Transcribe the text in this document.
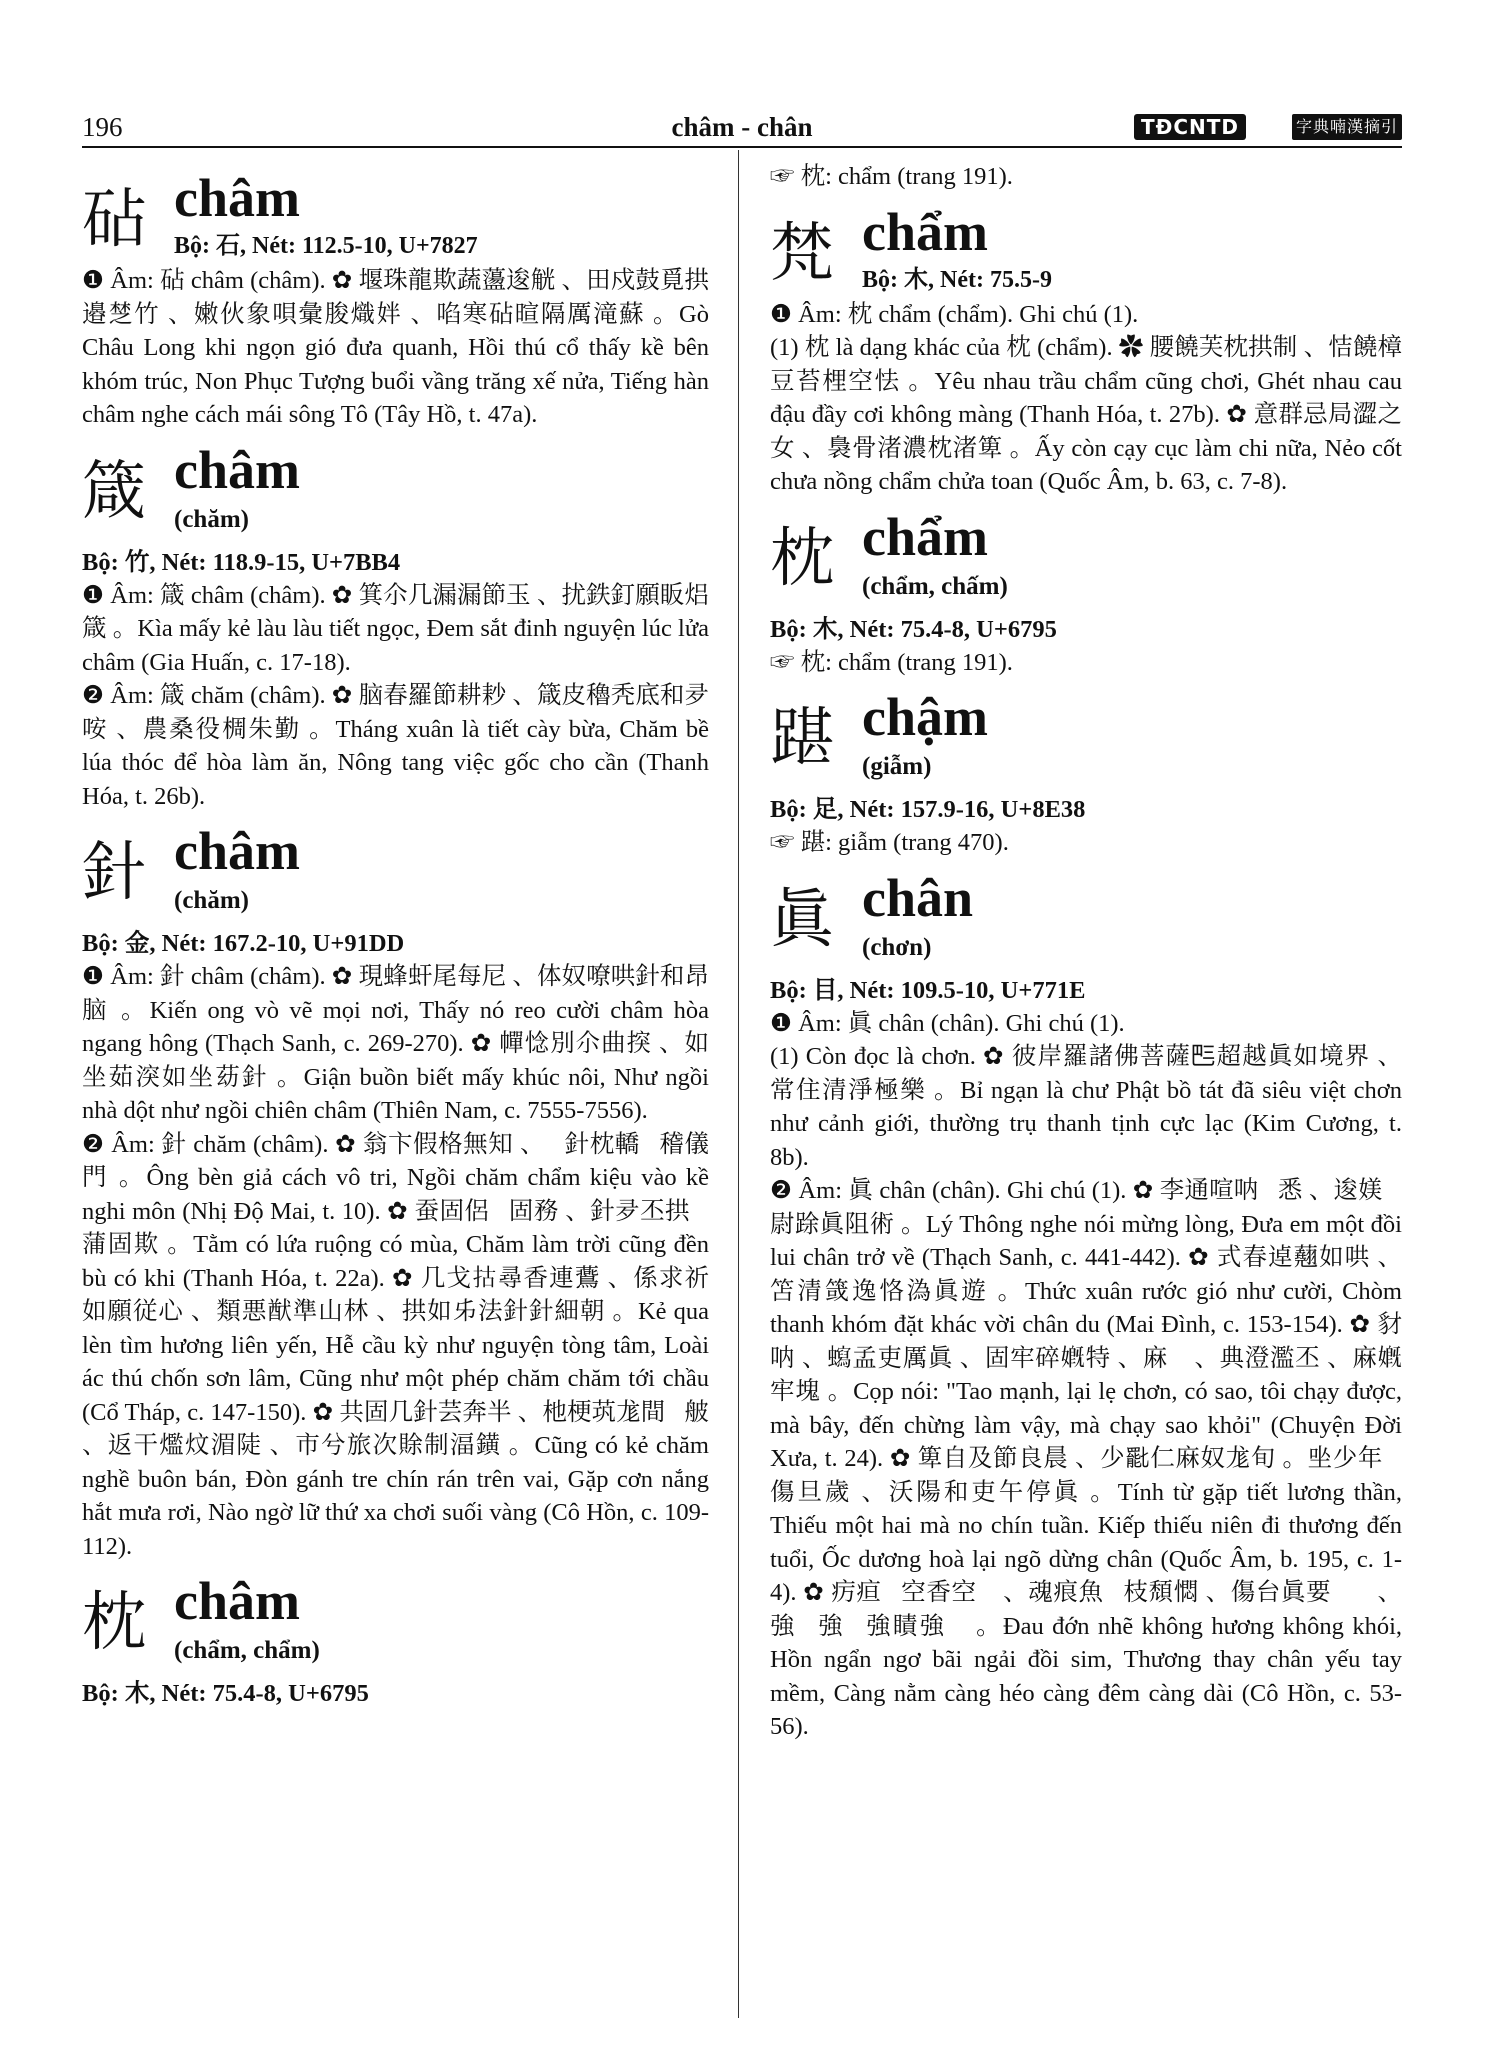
196	châm - chân	TĐCNTD	字典喃漢摘引
砧 châm
Bộ: 石, Nét: 112.5-10, U+7827

❶ Âm: 砧 châm (châm). ✿ 堰珠龍欺蔬蘯逡觥 、田戍鼓覓拱邉椘竹 、嫩伙象唄彙朘熾姅 、啗寒砧暄隔厲滝蘇 。Gò Châu Long khi ngọn gió đưa quanh, Hồi thú cổ thấy kề bên khóm trúc, Non Phục Tượng buổi vầng trăng xế nửa, Tiếng hàn châm nghe cách mái sông Tô (Tây Hồ, t. 47a).

箴 châm
(chăm)

Bộ: 竹, Nét: 118.9-15, U+7BB4

❶ Âm: 箴 châm (châm). ✿ 箕尒几漏漏節玉 、扰鉄釘願眅焒箴 。Kìa mấy kẻ làu làu tiết ngọc, Đem sắt đinh nguyện lúc lửa châm (Gia Huấn, c. 17-18).

❷ Âm: 箴 chăm (châm). ✿ 脑春羅節耕耖 、箴皮穭秃底和夛咹 、農桑役椆朱勤 。Tháng xuân là tiết cày bừa, Chăm bề lúa thóc để hòa làm ăn, Nông tang việc gốc cho cần (Thanh Hóa, t. 26b).

針 châm
(chăm)

Bộ: 金, Nét: 167.2-10, U+91DD

❶ Âm: 針 châm (châm). ✿ 現蜂虷尾每尼 、体奴嘹哄針和昂脑 。Kiến ong vò vẽ mọi nơi, Thấy nó reo cười châm hòa ngang hông (Thạch Sanh, c. 269-270). ✿ 幝惗別尒曲揬 、如坐茹湥如坐苭針 。Giận buồn biết mấy khúc nôi, Như ngồi nhà dột như ngồi chiên châm (Thiên Nam, c. 7555-7556).

❷ Âm: 針 chăm (châm). ✿ 翁卞假格無知 、𡎝針枕轎𢙇稽儀門 。Ông bèn giả cách vô tri, Ngồi chăm chẩm kiệu vào kề nghi môn (Nhị Độ Mai, t. 10). ✿ 蚕固侶𠃣固務 、針夛丕拱𡐙蒲固欺 。Tằm có lứa ruộng có mùa, Chăm làm trời cũng đền bù có khi (Thanh Hóa, t. 22a). ✿ 几戈𢫈尋香連鷰 、係求祈如願従心 、類悪猷準山林 、拱如𠂔法針針細朝 。Kẻ qua lèn tìm hương liên yến, Hễ cầu kỳ như nguyện tòng tâm, Loài ác thú chốn sơn lâm, Cũng như một phép chăm chăm tới chầu (Cổ Tháp, c. 147-150). ✿ 共固几針芸奔半 、杝梗茿尨間𨔍𦨭 、返干爁炆湄陡 、市兮旅次賖制湢鐄 。Cũng có kẻ chăm nghề buôn bán, Đòn gánh tre chín rán trên vai, Gặp cơn nắng hắt mưa rơi, Nào ngờ lữ thứ xa chơi suối vàng (Cô Hồn, c. 109-112).

枕 châm
(chẩm, chẩm)

Bộ: 木, Nét: 75.4-8, U+6795

☞ 枕: chẩm (trang 191).

梵 chẩm
Bộ: 木, Nét: 75.5-9

❶ Âm: 枕 chẩm (chẩm). Ghi chú (1).

(1) 枕 là dạng khác của 枕 (chẩm). ✿ 腰饒芙枕拱制 、恄饒樟豆苔梩空怯 。Yêu nhau trầu chẩm cũng chơi, Ghét nhau cau đậu đầy cơi không màng (Thanh Hóa, t. 27b). ✿ 意群忌局澀之女 、裊骨渚濃枕渚箄 。Ấy còn cạy cục làm chi nữa, Nẻo cốt chưa nồng chẩm chửa toan (Quốc Âm, b. 63, c. 7-8).

枕 chẩm
(chẩm, chấm)

Bộ: 木, Nét: 75.4-8, U+6795

☞ 枕: chẩm (trang 191).

踸 chậm
(giẫm)

Bộ: 足, Nét: 157.9-16, U+8E38

☞ 踸: giẫm (trang 470).

眞 chân
(chơn)

Bộ: 目, Nét: 109.5-10, U+771E

❶ Âm: 眞 chân (chân). Ghi chú (1).

(1) Còn đọc là chơn. ✿ 彼岸羅諸佛菩薩𠀧超越眞如境界 、常住清淨極樂 。Bỉ ngạn là chư Phật bồ tát đã siêu việt chơn như cảnh giới, thường trụ thanh tịnh cực lạc (Kim Cương, t. 8b).

❷ Âm: 眞 chân (chân). Ghi chú (1). ✿ 李通喧呐𢚸悉 、逡媄𠫾尉䟻眞阻術 。Lý Thông nghe nói mừng lòng, Đưa em một đồi lui chân trở về (Thạch Sanh, c. 441-442). ✿ 式春逴𧄍如哄 、笘清䈅逸恪溈眞遊 。Thức xuân rước gió như cười, Chòm thanh khóm đặt khác vời chân du (Mai Đình, c. 153-154). ✿ 豺呐 、𧓺孟吏厲眞 、固牢碎𡠣特 、麻𦠘 、典澄濫丕 、麻𡠣牢塊 。Cọp nói: "Tao mạnh, lại lẹ chơn, có sao, tôi chạy được, mà bây, đến chừng làm vậy, mà chạy sao khỏi" (Chuyện Đời Xưa, t. 24). ✿ 箄自及節良晨 、少𠤩仁麻奴尨旬 。㘴少年𡏧傷旦歲 、沃陽和吏午停眞 。Tính từ gặp tiết lương thần, Thiếu một hai mà no chín tuần. Kiếp thiếu niên đi thương đến tuổi, Ốc dương hoà lại ngõ dừng chân (Quốc Âm, b. 195, c. 1-4). ✿ 疠疸𡑝空香空𡏡 、魂痕魚𣘈枝頹㦖 、傷台眞要𢭂𦫼 、強𦝄強𦏓強瞔強𩳐 。Đau đớn nhẽ không hương không khói, Hồn ngẩn ngơ bãi ngải đồi sim, Thương thay chân yếu tay mềm, Càng nằm càng héo càng đêm càng dài (Cô Hồn, c. 53-56).
